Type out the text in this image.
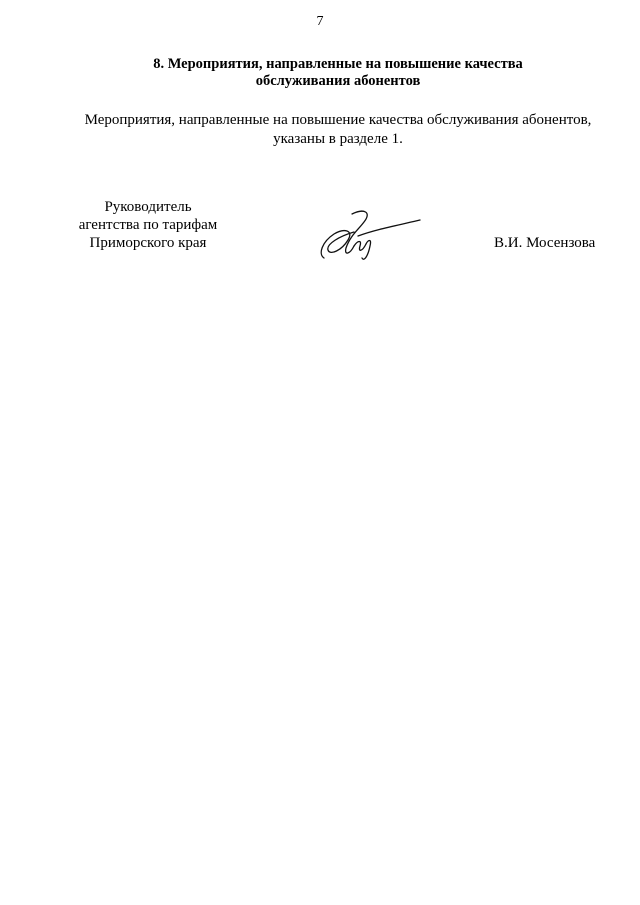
7
8. Мероприятия, направленные на повышение качества
обслуживания абонентов
Мероприятия, направленные на повышение качества обслуживания абонентов,
указаны в разделе 1.
Руководитель
агентства по тарифам
Приморского края	В.И. Мосензова
